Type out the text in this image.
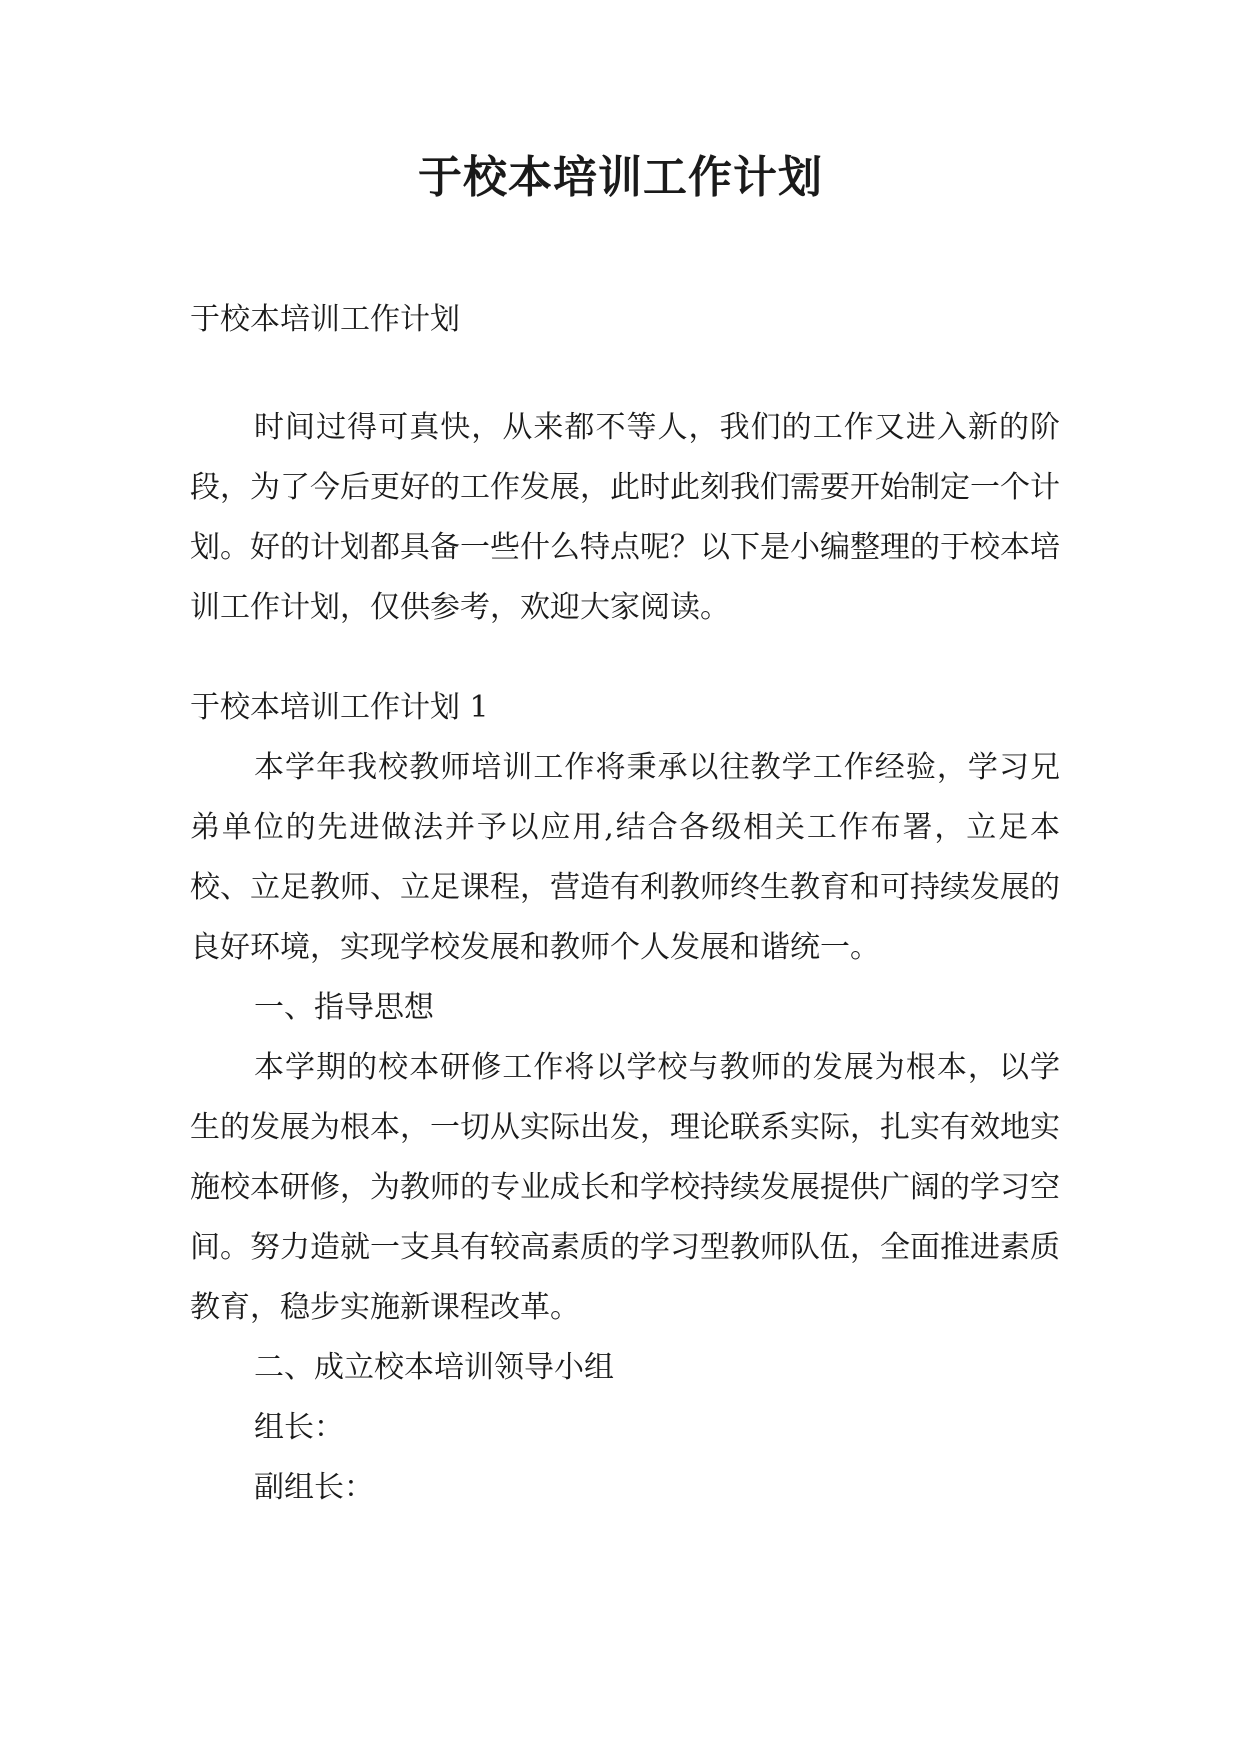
于校本培训工作计划

于校本培训工作计划

时间过得可真快，从来都不等人，我们的工作又进入新的阶段，为了今后更好的工作发展，此时此刻我们需要开始制定一个计划。好的计划都具备一些什么特点呢？以下是小编整理的于校本培训工作计划，仅供参考，欢迎大家阅读。

于校本培训工作计划 1

本学年我校教师培训工作将秉承以往教学工作经验，学习兄弟单位的先进做法并予以应用,结合各级相关工作布署，立足本校、立足教师、立足课程，营造有利教师终生教育和可持续发展的良好环境，实现学校发展和教师个人发展和谐统一。

一、指导思想

本学期的校本研修工作将以学校与教师的发展为根本，以学生的发展为根本，一切从实际出发，理论联系实际，扎实有效地实施校本研修，为教师的专业成长和学校持续发展提供广阔的学习空间。努力造就一支具有较高素质的学习型教师队伍，全面推进素质教育，稳步实施新课程改革。

二、成立校本培训领导小组

组长：

副组长：
